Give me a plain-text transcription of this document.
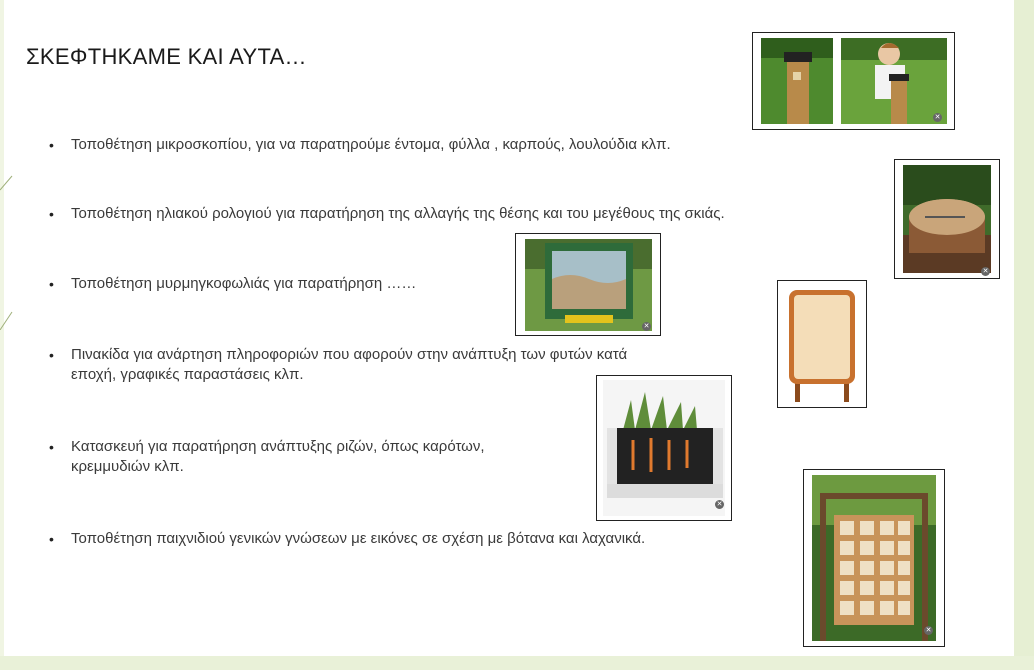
ΣΚΕΦΤΗΚΑΜΕ ΚΑΙ ΑΥΤΑ…
• Τοποθέτηση μικροσκοπίου, για να παρατηρούμε έντομα, φύλλα , καρπούς, λουλούδια κλπ.
• Τοποθέτηση ηλιακού ρολογιού για παρατήρηση της αλλαγής της θέσης και του μεγέθους της σκιάς.
• Τοποθέτηση μυρμηγκοφωλιάς για παρατήρηση ……
• Πινακίδα για ανάρτηση πληροφοριών που αφορούν στην ανάπτυξη των φυτών κατά
εποχή, γραφικές παραστάσεις κλπ.
• Κατασκευή για παρατήρηση ανάπτυξης ριζών, όπως καρότων,
κρεμμυδιών κλπ.
• Τοποθέτηση παιχνιδιού γενικών γνώσεων με εικόνες σε σχέση με βότανα και λαχανικά.
✕
✕
✕
✕
✕
